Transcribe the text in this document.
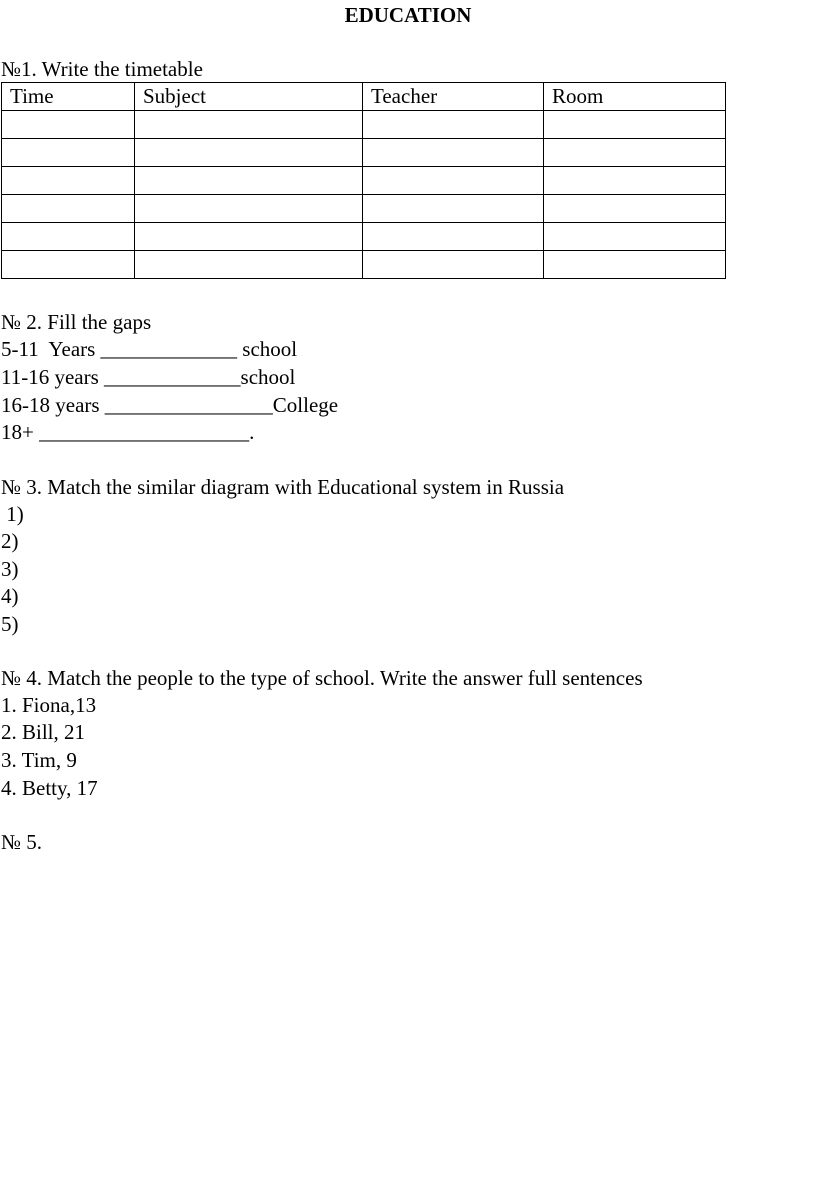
EDUCATION
№1. Write the timetable
Time	Subject	Teacher	Room

№ 2. Fill the gaps
5-11  Years _____________ school
11-16 years _____________school
16-18 years ________________College
18+ ____________________.
№ 3. Match the similar diagram with Educational system in Russia
1)
2)
3)
4)
5)
№ 4. Match the people to the type of school. Write the answer full sentences
1. Fiona,13
2. Bill, 21
3. Tim, 9
4. Betty, 17
№ 5.
